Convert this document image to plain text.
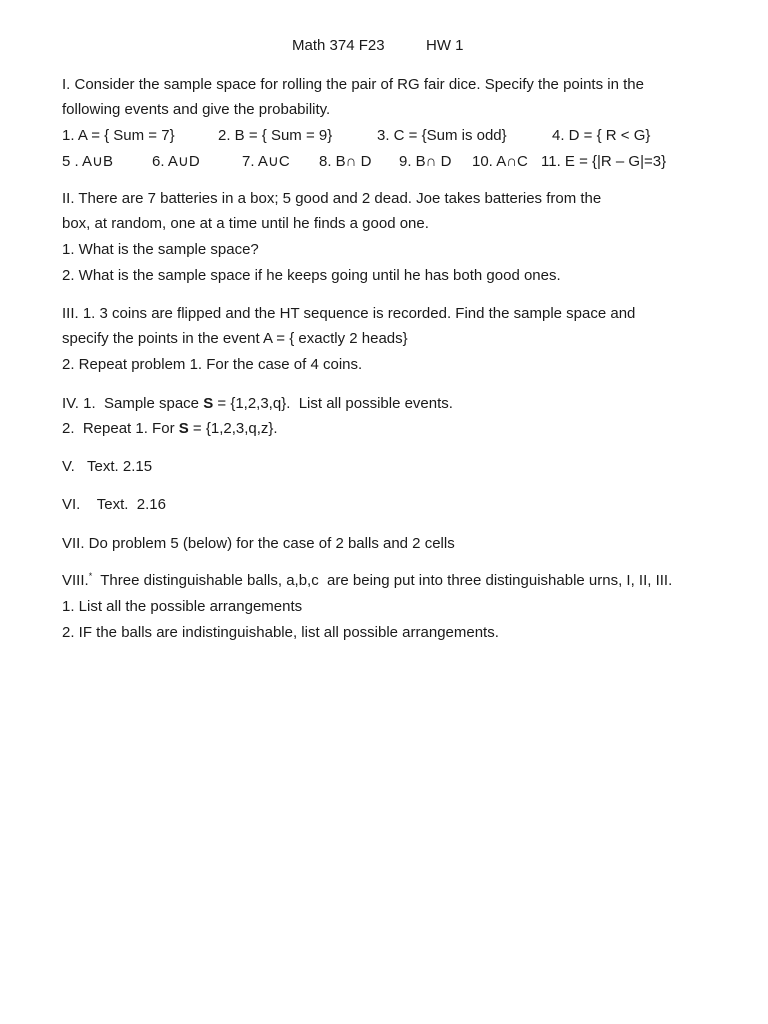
Math 374 F23	HW 1
I. Consider the sample space for rolling the pair of RG fair dice. Specify the points in the
following events and give the probability.
1. A = { Sum = 7}	2. B = { Sum = 9}	3. C = {Sum is odd}	4. D = { R < G}
5 . A∪B	6. A∪D	7. A∪C 8. B∩ D 9. B∩ D 10. A∩C 11. E = {|R – G|=3}
II. There are 7 batteries in a box; 5 good and 2 dead. Joe takes batteries from the
box, at random, one at a time until he finds a good one.
1. What is the sample space?
2. What is the sample space if he keeps going until he has both good ones.
III. 1. 3 coins are flipped and the HT sequence is recorded. Find the sample space and
specify the points in the event A = { exactly 2 heads}
2. Repeat problem 1. For the case of 4 coins.
IV. 1.  Sample space S = {1,2,3,q}.  List all possible events.
2.  Repeat 1. For S = {1,2,3,q,z}.
V.   Text. 2.15
VI.    Text.  2.16
VII. Do problem 5 (below) for the case of 2 balls and 2 cells
VIII.*  Three distinguishable balls, a,b,c  are being put into three distinguishable urns, I, II, III.
1. List all the possible arrangements
2. IF the balls are indistinguishable, list all possible arrangements.
